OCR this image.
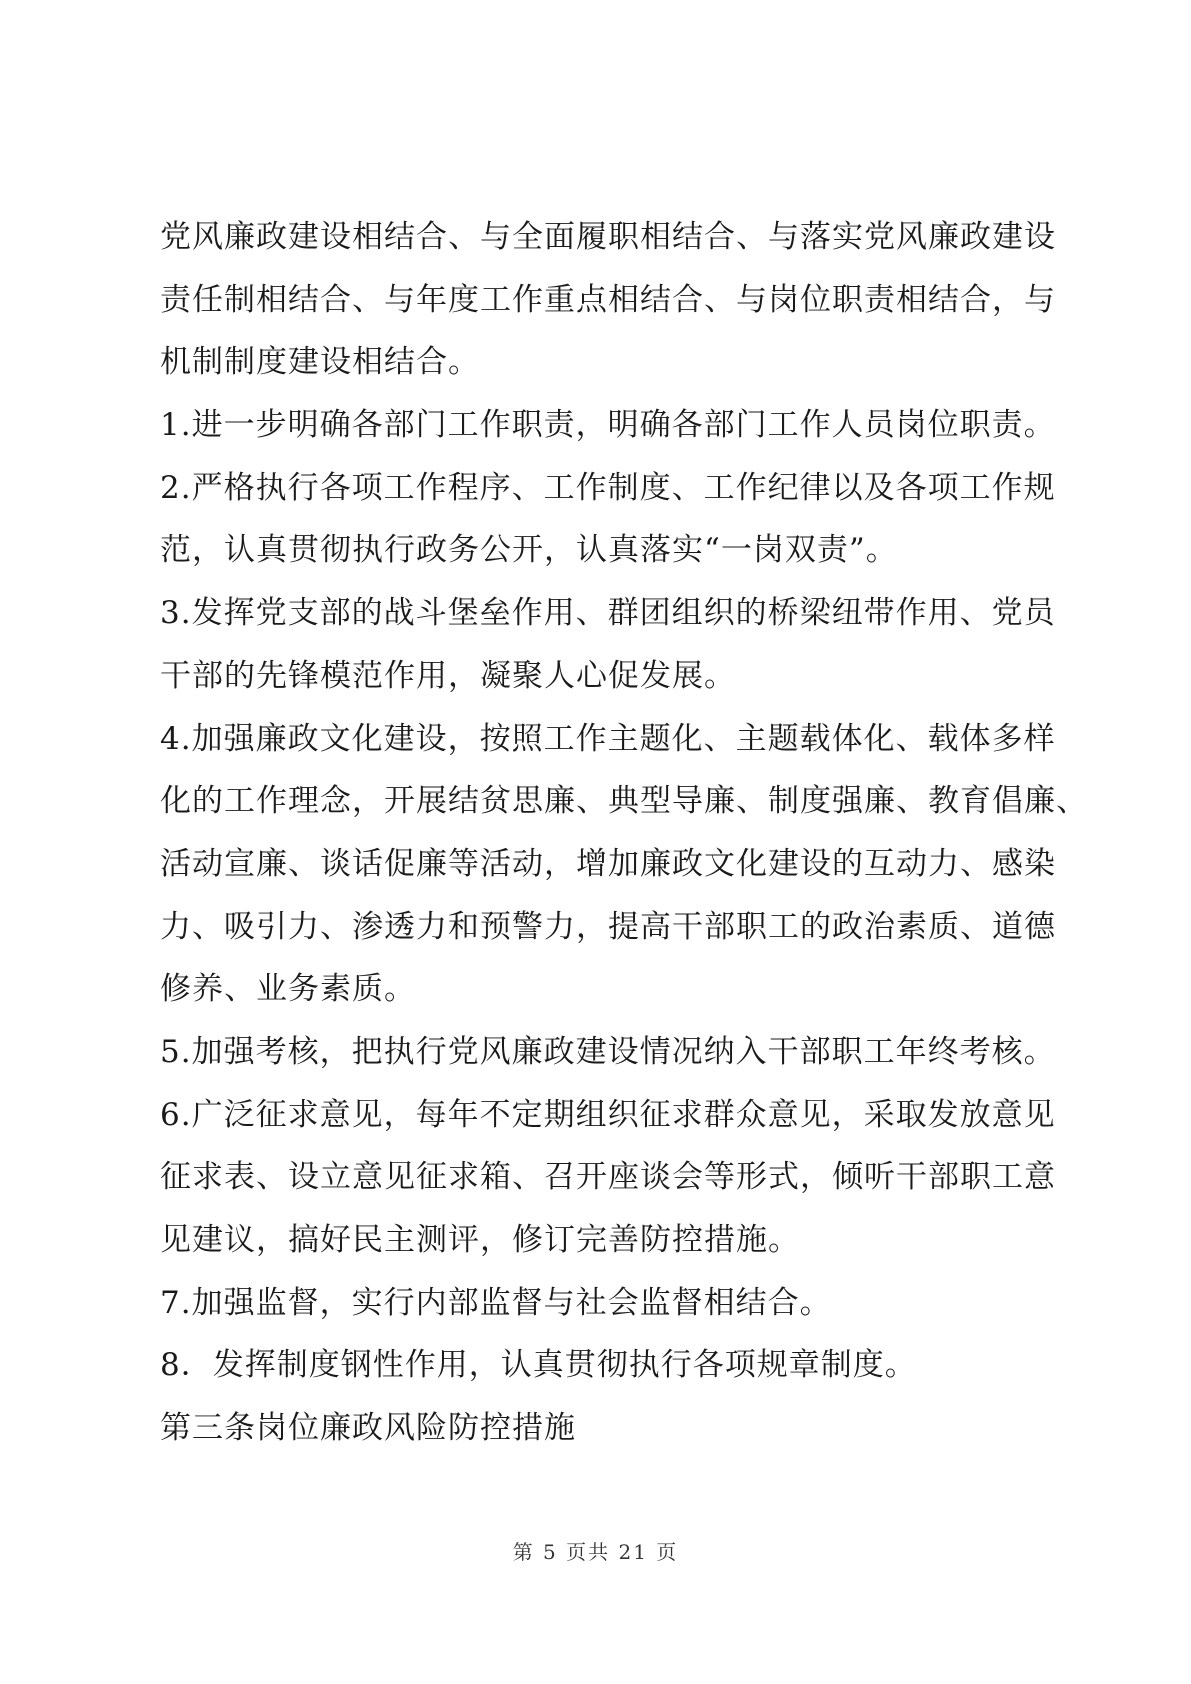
党风廉政建设相结合、与全面履职相结合、与落实党风廉政建设
责任制相结合、与年度工作重点相结合、与岗位职责相结合，与
机制制度建设相结合。
1.进一步明确各部门工作职责，明确各部门工作人员岗位职责。
2.严格执行各项工作程序、工作制度、工作纪律以及各项工作规
范，认真贯彻执行政务公开，认真落实“一岗双责”。
3.发挥党支部的战斗堡垒作用、群团组织的桥梁纽带作用、党员
干部的先锋模范作用，凝聚人心促发展。
4.加强廉政文化建设，按照工作主题化、主题载体化、载体多样
化的工作理念，开展结贫思廉、典型导廉、制度强廉、教育倡廉、
活动宣廉、谈话促廉等活动，增加廉政文化建设的互动力、感染
力、吸引力、渗透力和预警力，提高干部职工的政治素质、道德
修养、业务素质。
5.加强考核，把执行党风廉政建设情况纳入干部职工年终考核。
6.广泛征求意见，每年不定期组织征求群众意见，采取发放意见
征求表、设立意见征求箱、召开座谈会等形式，倾听干部职工意
见建议，搞好民主测评，修订完善防控措施。
7.加强监督，实行内部监督与社会监督相结合。
8．发挥制度钢性作用，认真贯彻执行各项规章制度。
第三条岗位廉政风险防控措施
第 5 页共 21 页
